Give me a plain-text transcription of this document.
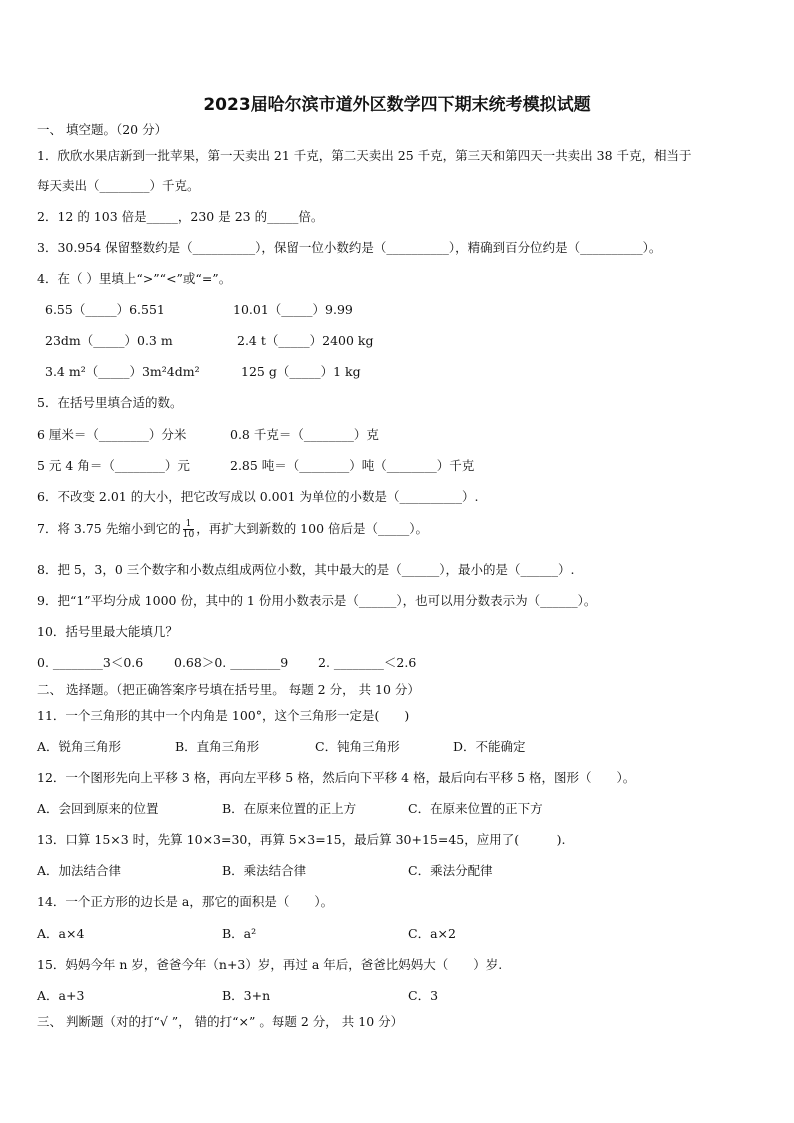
2023届哈尔滨市道外区数学四下期末统考模拟试题
一、 填空题。（20 分）
1．欣欣水果店新到一批苹果，第一天卖出 21 千克，第二天卖出 25 千克，第三天和第四天一共卖出 38 千克，相当于
每天卖出（________）千克。
2．12 的 103 倍是_____，230 是 23 的_____倍。
3．30.954 保留整数约是（__________），保留一位小数约是（__________），精确到百分位约是（__________）。
4．在（ ）里填上“>”“<”或“=”。
6.55（_____）6.551	10.01（_____）9.99
23dm（_____）0.3 m	2.4 t（_____）2400 kg
3.4 m²（_____）3m²4dm²	125 g（_____）1 kg
5．在括号里填合适的数。
6 厘米＝（________）分米	0.8 千克＝（________）克
5 元 4 角＝（________）元	2.85 吨＝（________）吨（________）千克
6．不改变 2.01 的大小，把它改写成以 0.001 为单位的小数是（__________）.
7．将 3.75 先缩小到它的 $\frac{1}{10}$ ，再扩大到新数的 100 倍后是（_____）。
8．把 5，3，0 三个数字和小数点组成两位小数，其中最大的是（______），最小的是（______）.
9．把“1”平均分成 1000 份，其中的 1 份用小数表示是（______），也可以用分数表示为（______）。
10．括号里最大能填几？
0. ________3＜0.6 0.68＞0. ________9 2. ________＜2.6
二、 选择题。（把正确答案序号填在括号里。 每题 2 分， 共 10 分）
11．一个三角形的其中一个内角是 100°，这个三角形一定是(　　)
A．锐角三角形	B．直角三角形	C．钝角三角形	D．不能确定
12．一个图形先向上平移 3 格，再向左平移 5 格，然后向下平移 4 格，最后向右平移 5 格，图形（　　）。
A．会回到原来的位置	B．在原来位置的正上方	C．在原来位置的正下方
13．口算 15×3 时，先算 10×3=30，再算 5×3=15，最后算 30+15=45，应用了(　　　).
A．加法结合律	B．乘法结合律	C．乘法分配律
14．一个正方形的边长是 a，那它的面积是（　　）。
A．a×4	B．a²	C．a×2
15．妈妈今年 n 岁，爸爸今年（n+3）岁，再过 a 年后，爸爸比妈妈大（　　）岁.
A．a+3	B．3+n	C．3
三、 判断题（对的打“√ ”， 错的打“×” 。每题 2 分， 共 10 分）
